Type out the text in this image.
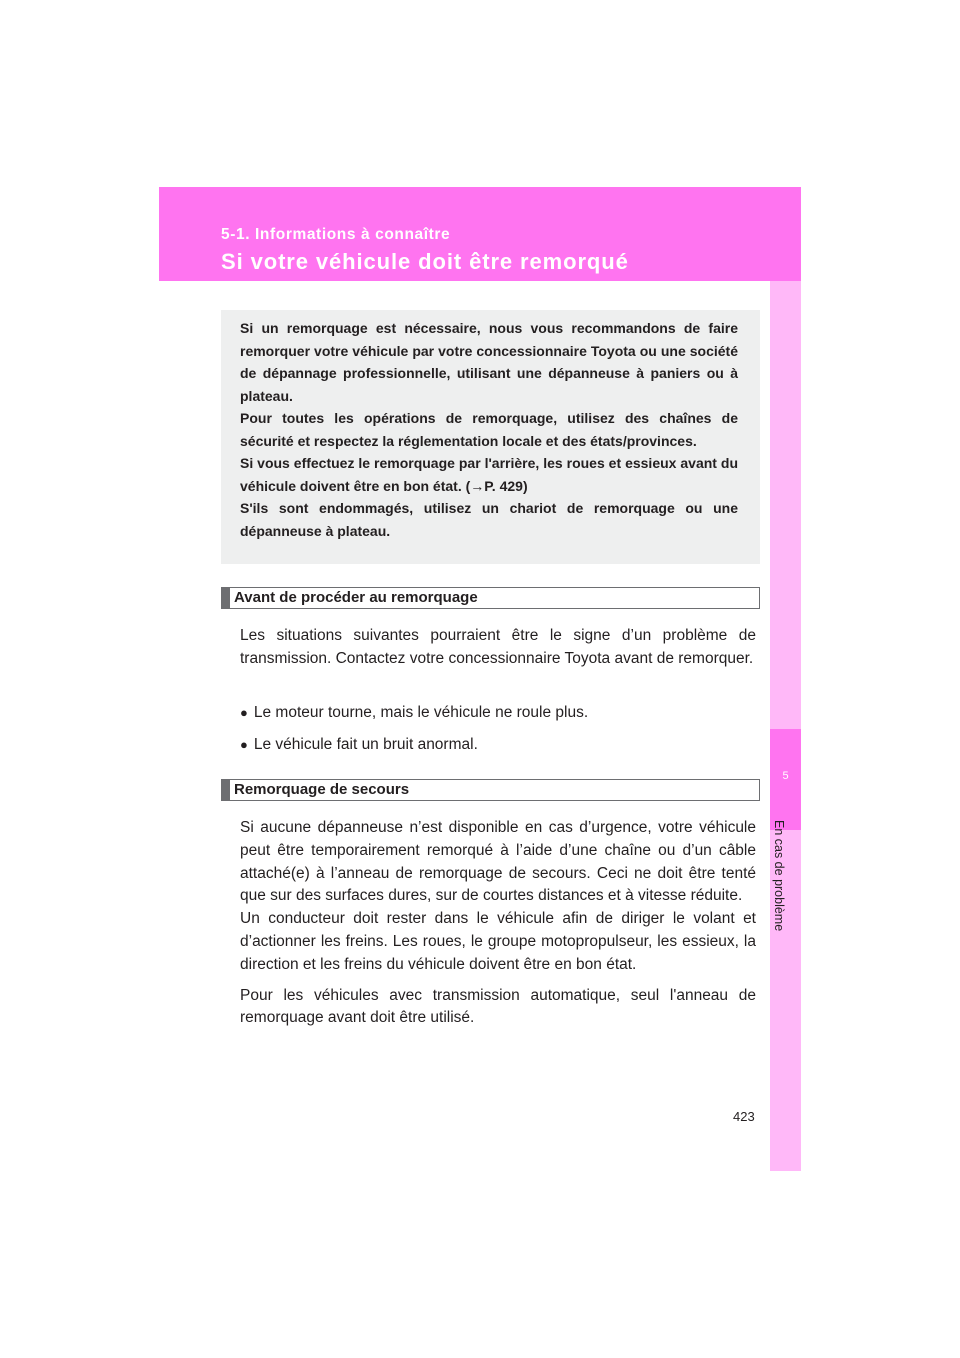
5-1. Informations à connaître
Si votre véhicule doit être remorqué
5
En cas de problème

Si un remorquage est nécessaire, nous vous recommandons de faire remorquer votre véhicule par votre concessionnaire Toyota ou une société de dépannage professionnelle, utilisant une dépanneuse à paniers ou à plateau.

Pour toutes les opérations de remorquage, utilisez des chaînes de sécurité et respectez la réglementation locale et des états/provinces.

Si vous effectuez le remorquage par l'arrière, les roues et essieux avant du véhicule doivent être en bon état. (→P. 429)

S'ils sont endommagés, utilisez un chariot de remorquage ou une dépanneuse à plateau.

Avant de procéder au remorquage

Les situations suivantes pourraient être le signe d’un problème de transmission. Contactez votre concessionnaire Toyota avant de remorquer.

● Le moteur tourne, mais le véhicule ne roule plus.
● Le véhicule fait un bruit anormal.
Remorquage de secours

Si aucune dépanneuse n’est disponible en cas d’urgence, votre véhicule peut être temporairement remorqué à l’aide d’une chaîne ou d’un câble attaché(e) à l’anneau de remorquage de secours. Ceci ne doit être tenté que sur des surfaces dures, sur de courtes distances et à vitesse réduite.

Un conducteur doit rester dans le véhicule afin de diriger le volant et d’actionner les freins. Les roues, le groupe motopropulseur, les essieux, la direction et les freins du véhicule doivent être en bon état.

Pour les véhicules avec transmission automatique, seul l'anneau de remorquage avant doit être utilisé.

423
